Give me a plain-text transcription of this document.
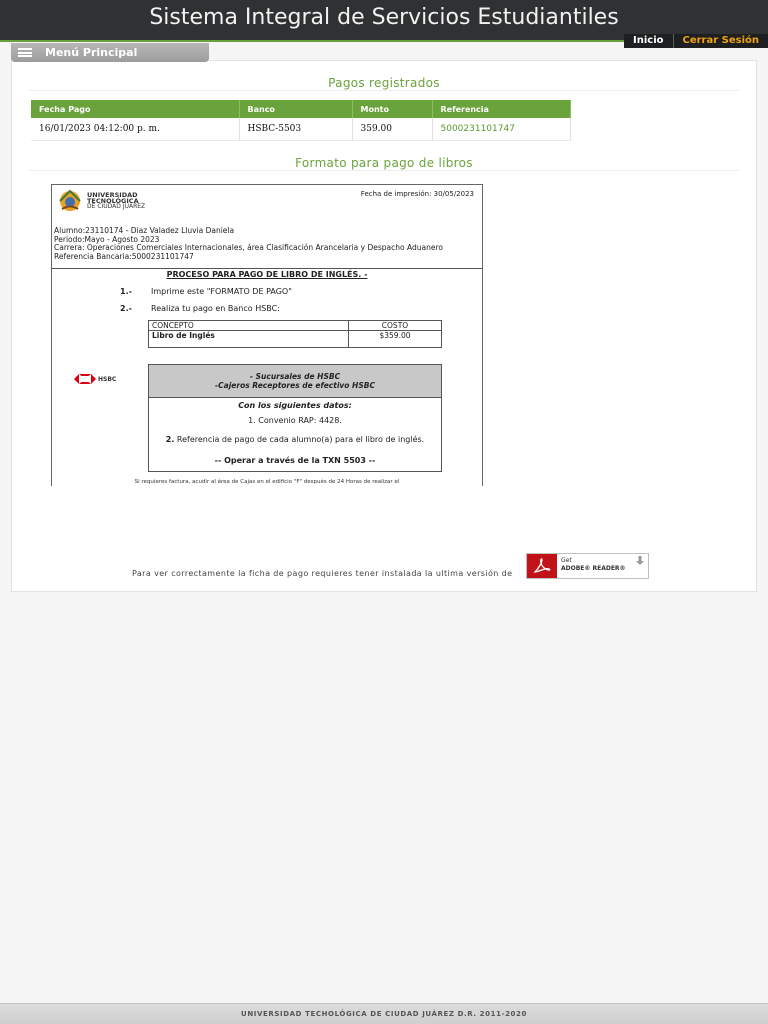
Sistema Integral de Servicios Estudiantiles
Inicio	Cerrar Sesión
Menú Principal
Pagos registrados
Fecha Pago	Banco	Monto	Referencia
16/01/2023 04:12:00 p. m.	HSBC-5503	359.00	5000231101747
Formato para pago de libros
UNIVERSIDAD
TECNOLÓGICA
DE CIUDAD JUÁREZ
Fecha de impresión: 30/05/2023
Alumno:23110174 - Diaz Valadez Lluvia Daniela
Periodo:Mayo - Agosto 2023
Carrera: Operaciones Comerciales Internacionales, área Clasificación Arancelaria y Despacho Aduanero
Referencia Bancaria:5000231101747
PROCESO PARA PAGO DE LIBRO DE INGLÉS. -
1.- Imprime este "FORMATO DE PAGO"
2.- Realiza tu pago en Banco HSBC:
CONCEPTO	COSTO
Libro de Inglés	$359.00
HSBC	- Sucursales de HSBC
-Cajeros Receptores de efectivo HSBC
Con los siguientes datos:
1. Convenio RAP: 4428.
2. Referencia de pago de cada alumno(a) para el libro de inglés.
-- Operar a través de la TXN 5503 --
Si requieres factura, acudir al área de Cajas en el edificio "F" después de 24 Horas de realizar el
Para ver correctamente la ficha de pago requieres tener instalada la ultima versión de
Get
ADOBE® READER®
UNIVERSIDAD TECHOLÓGICA DE CIUDAD JUÁREZ D.R. 2011-2020
